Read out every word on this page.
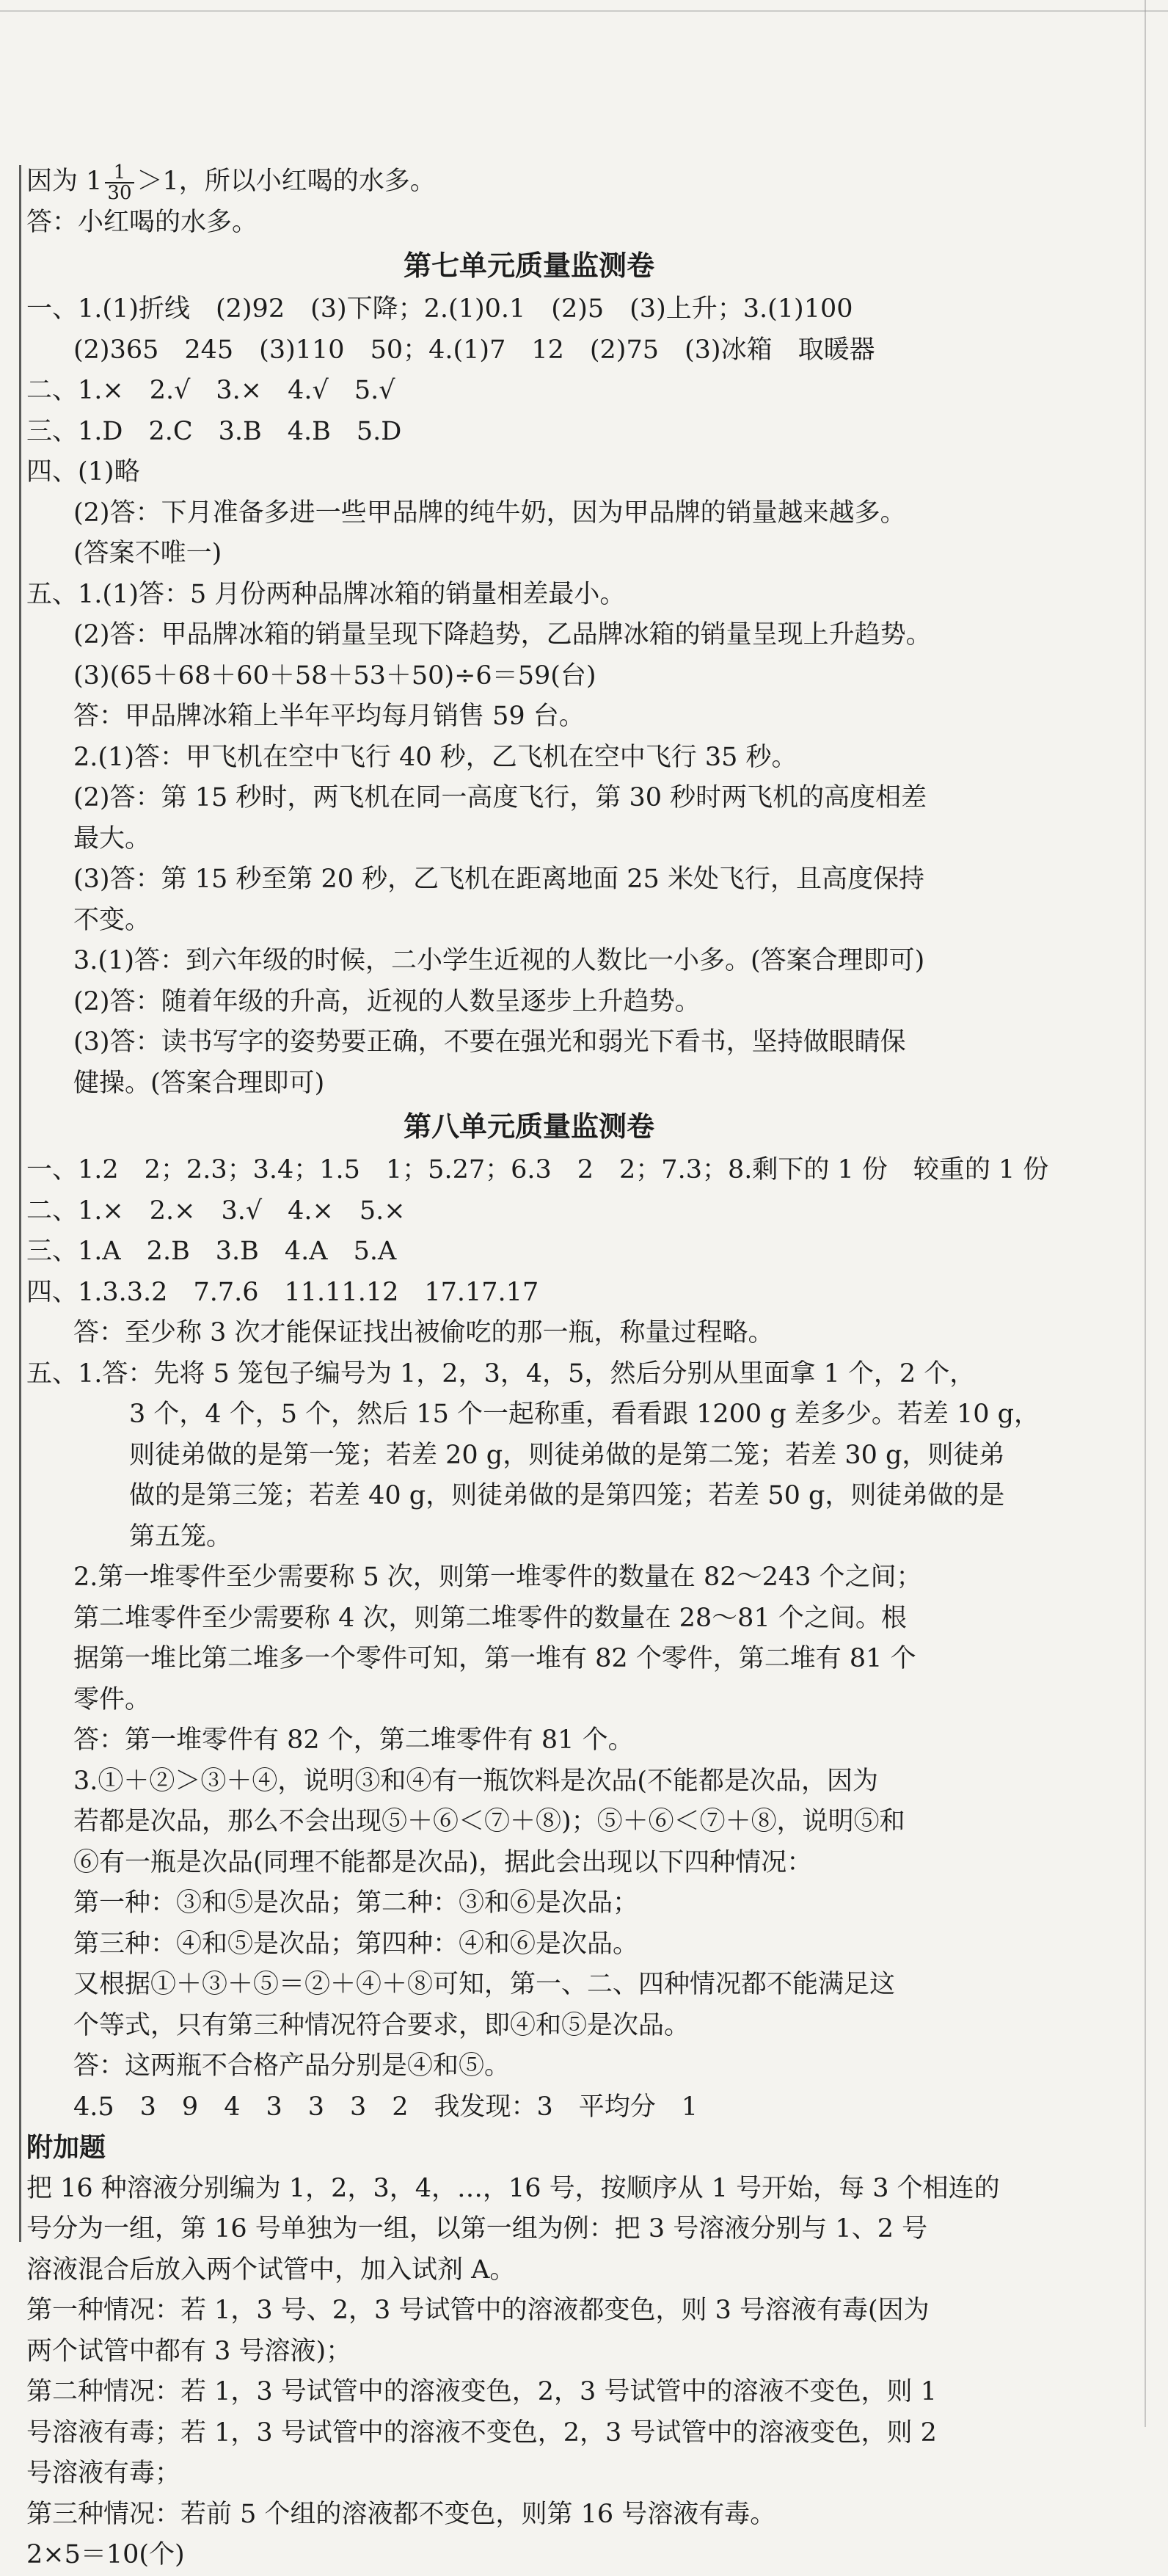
因为 $1 \frac{1}{30} >1$，所以小红喝的水多。
答：小红喝的水多。
第七单元质量监测卷
一、1.(1)折线　(2)92　(3)下降；2.(1)0.1　(2)5　(3)上升；3.(1)100
(2)365　245　(3)110　50；4.(1)7　12　(2)75　(3)冰箱　取暖器
二、1.×　2.√　3.×　4.√　5.√
三、1.D　2.C　3.B　4.B　5.D
四、(1)略
(2)答：下月准备多进一些甲品牌的纯牛奶，因为甲品牌的销量越来越多。
(答案不唯一)
五、1.(1)答：5 月份两种品牌冰箱的销量相差最小。
(2)答：甲品牌冰箱的销量呈现下降趋势，乙品牌冰箱的销量呈现上升趋势。
(3)(65＋68＋60＋58＋53＋50)÷6＝59(台)
答：甲品牌冰箱上半年平均每月销售 59 台。
2.(1)答：甲飞机在空中飞行 40 秒，乙飞机在空中飞行 35 秒。
(2)答：第 15 秒时，两飞机在同一高度飞行，第 30 秒时两飞机的高度相差
最大。
(3)答：第 15 秒至第 20 秒，乙飞机在距离地面 25 米处飞行，且高度保持
不变。
3.(1)答：到六年级的时候，二小学生近视的人数比一小多。(答案合理即可)
(2)答：随着年级的升高，近视的人数呈逐步上升趋势。
(3)答：读书写字的姿势要正确，不要在强光和弱光下看书，坚持做眼睛保
健操。(答案合理即可)
第八单元质量监测卷
一、1.2　2；2.3；3.4；1.5　1；5.27；6.3　2　2；7.3；8.剩下的 1 份　较重的 1 份
二、1.×　2.×　3.√　4.×　5.×
三、1.A　2.B　3.B　4.A　5.A
四、1.3.3.2　7.7.6　11.11.12　17.17.17
答：至少称 3 次才能保证找出被偷吃的那一瓶，称量过程略。
五、1.答：先将 5 笼包子编号为 1，2，3，4，5，然后分别从里面拿 1 个，2 个，
3 个，4 个，5 个，然后 15 个一起称重，看看跟 1200 g 差多少。若差 10 g，
则徒弟做的是第一笼；若差 20 g，则徒弟做的是第二笼；若差 30 g，则徒弟
做的是第三笼；若差 40 g，则徒弟做的是第四笼；若差 50 g，则徒弟做的是
第五笼。
2.第一堆零件至少需要称 5 次，则第一堆零件的数量在 82～243 个之间；
第二堆零件至少需要称 4 次，则第二堆零件的数量在 28～81 个之间。根
据第一堆比第二堆多一个零件可知，第一堆有 82 个零件，第二堆有 81 个
零件。
答：第一堆零件有 82 个，第二堆零件有 81 个。
3.①＋②＞③＋④，说明③和④有一瓶饮料是次品(不能都是次品，因为
若都是次品，那么不会出现⑤＋⑥＜⑦＋⑧)；⑤＋⑥＜⑦＋⑧，说明⑤和
⑥有一瓶是次品(同理不能都是次品)，据此会出现以下四种情况：
第一种：③和⑤是次品；第二种：③和⑥是次品；
第三种：④和⑤是次品；第四种：④和⑥是次品。
又根据①＋③＋⑤＝②＋④＋⑧可知，第一、二、四种情况都不能满足这
个等式，只有第三种情况符合要求，即④和⑤是次品。
答：这两瓶不合格产品分别是④和⑤。
4.5　3　9　4　3　3　3　2　我发现：3　平均分　1
附加题
把 16 种溶液分别编为 1，2，3，4，…，16 号，按顺序从 1 号开始，每 3 个相连的
号分为一组，第 16 号单独为一组，以第一组为例：把 3 号溶液分别与 1、2 号
溶液混合后放入两个试管中，加入试剂 A。
第一种情况：若 1，3 号、2，3 号试管中的溶液都变色，则 3 号溶液有毒(因为
两个试管中都有 3 号溶液)；
第二种情况：若 1，3 号试管中的溶液变色，2，3 号试管中的溶液不变色，则 1
号溶液有毒；若 1，3 号试管中的溶液不变色，2，3 号试管中的溶液变色，则 2
号溶液有毒；
第三种情况：若前 5 个组的溶液都不变色，则第 16 号溶液有毒。
2×5＝10(个)
